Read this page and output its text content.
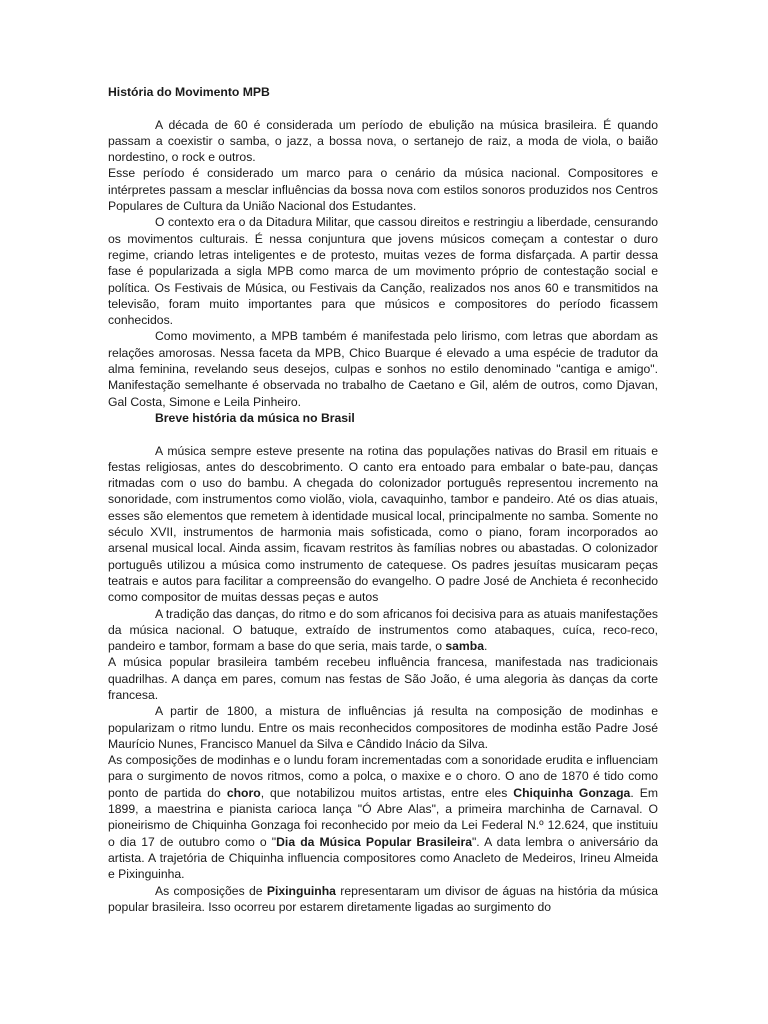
História do Movimento MPB

A década de 60 é considerada um período de ebulição na música brasileira. É quando passam a coexistir o samba, o jazz, a bossa nova, o sertanejo de raiz, a moda de viola, o baião nordestino, o rock e outros.

Esse período é considerado um marco para o cenário da música nacional. Compositores e intérpretes passam a mesclar influências da bossa nova com estilos sonoros produzidos nos Centros Populares de Cultura da União Nacional dos Estudantes.

O contexto era o da Ditadura Militar, que cassou direitos e restringiu a liberdade, censurando os movimentos culturais. É nessa conjuntura que jovens músicos começam a contestar o duro regime, criando letras inteligentes e de protesto, muitas vezes de forma disfarçada. A partir dessa fase é popularizada a sigla MPB como marca de um movimento próprio de contestação social e política. Os Festivais de Música, ou Festivais da Canção, realizados nos anos 60 e transmitidos na televisão, foram muito importantes para que músicos e compositores do período ficassem conhecidos.

Como movimento, a MPB também é manifestada pelo lirismo, com letras que abordam as relações amorosas. Nessa faceta da MPB, Chico Buarque é elevado a uma espécie de tradutor da alma feminina, revelando seus desejos, culpas e sonhos no estilo denominado "cantiga e amigo". Manifestação semelhante é observada no trabalho de Caetano e Gil, além de outros, como Djavan, Gal Costa, Simone e Leila Pinheiro.

Breve história da música no Brasil

A música sempre esteve presente na rotina das populações nativas do Brasil em rituais e festas religiosas, antes do descobrimento. O canto era entoado para embalar o bate-pau, danças ritmadas com o uso do bambu. A chegada do colonizador português representou incremento na sonoridade, com instrumentos como violão, viola, cavaquinho, tambor e pandeiro. Até os dias atuais, esses são elementos que remetem à identidade musical local, principalmente no samba. Somente no século XVII, instrumentos de harmonia mais sofisticada, como o piano, foram incorporados ao arsenal musical local. Ainda assim, ficavam restritos às famílias nobres ou abastadas. O colonizador português utilizou a música como instrumento de catequese. Os padres jesuítas musicaram peças teatrais e autos para facilitar a compreensão do evangelho. O padre José de Anchieta é reconhecido como compositor de muitas dessas peças e autos

A tradição das danças, do ritmo e do som africanos foi decisiva para as atuais manifestações da música nacional. O batuque, extraído de instrumentos como atabaques, cuíca, reco-reco, pandeiro e tambor, formam a base do que seria, mais tarde, o samba.

A música popular brasileira também recebeu influência francesa, manifestada nas tradicionais quadrilhas. A dança em pares, comum nas festas de São João, é uma alegoria às danças da corte francesa.

A partir de 1800, a mistura de influências já resulta na composição de modinhas e popularizam o ritmo lundu. Entre os mais reconhecidos compositores de modinha estão Padre José Maurício Nunes, Francisco Manuel da Silva e Cândido Inácio da Silva.

As composições de modinhas e o lundu foram incrementadas com a sonoridade erudita e influenciam para o surgimento de novos ritmos, como a polca, o maxixe e o choro. O ano de 1870 é tido como ponto de partida do choro, que notabilizou muitos artistas, entre eles Chiquinha Gonzaga. Em 1899, a maestrina e pianista carioca lança "Ó Abre Alas", a primeira marchinha de Carnaval. O pioneirismo de Chiquinha Gonzaga foi reconhecido por meio da Lei Federal N.º 12.624, que instituiu o dia 17 de outubro como o "Dia da Música Popular Brasileira". A data lembra o aniversário da artista. A trajetória de Chiquinha influencia compositores como Anacleto de Medeiros, Irineu Almeida e Pixinguinha.

As composições de Pixinguinha representaram um divisor de águas na história da música popular brasileira. Isso ocorreu por estarem diretamente ligadas ao surgimento do
